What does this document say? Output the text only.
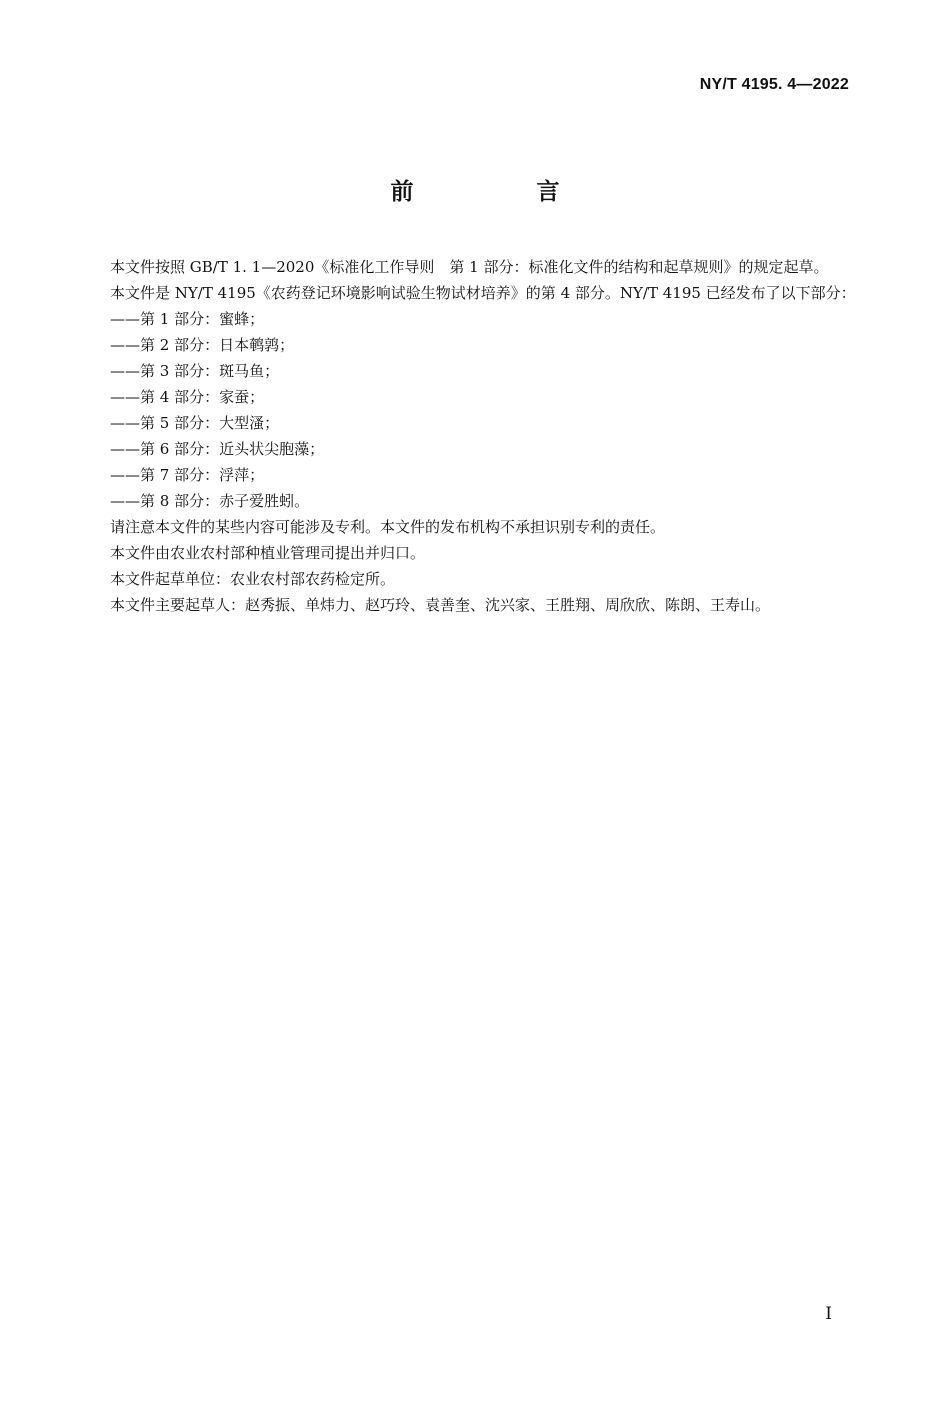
NY/T 4195. 4—2022
前　言

本文件按照 GB/T 1. 1—2020《标准化工作导则　第 1 部分：标准化文件的结构和起草规则》的规定起草。

本文件是 NY/T 4195《农药登记环境影响试验生物试材培养》的第 4 部分。NY/T 4195 已经发布了以下部分：

——第 1 部分：蜜蜂；

——第 2 部分：日本鹌鹑；

——第 3 部分：斑马鱼；

——第 4 部分：家蚕；

——第 5 部分：大型溞；

——第 6 部分：近头状尖胞藻；

——第 7 部分：浮萍；

——第 8 部分：赤子爱胜蚓。

请注意本文件的某些内容可能涉及专利。本文件的发布机构不承担识别专利的责任。

本文件由农业农村部种植业管理司提出并归口。

本文件起草单位：农业农村部农药检定所。

本文件主要起草人：赵秀振、单炜力、赵巧玲、袁善奎、沈兴家、王胜翔、周欣欣、陈朗、王寿山。

I
